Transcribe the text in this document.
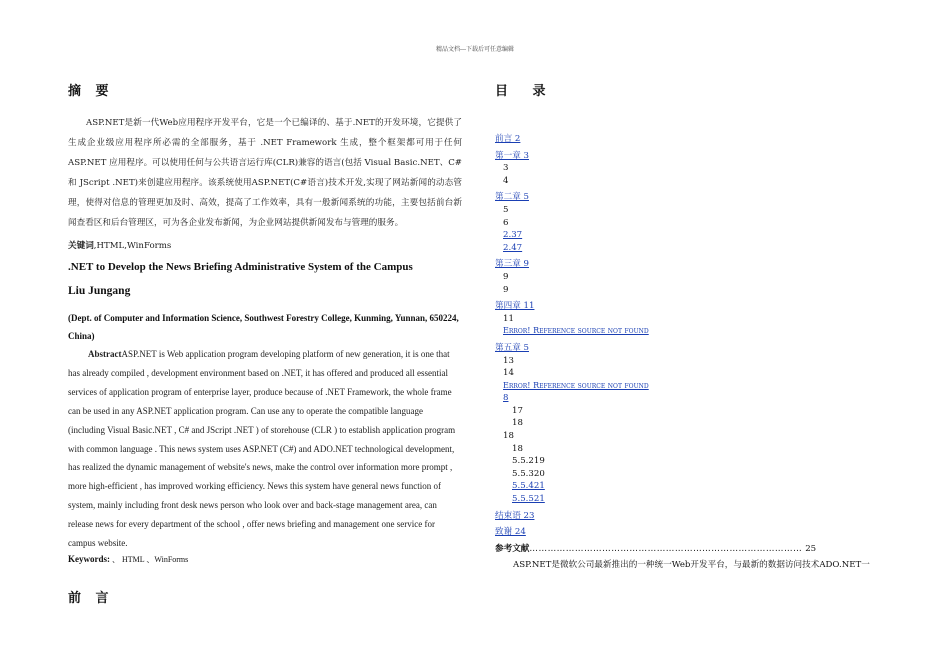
精品文档---下载后可任意编辑
摘 要
ASP.NET是新一代Web应用程序开发平台，它是一个已编译的、基于.NET的开发环境，它提供了生成企业级应用程序所必需的全部服务，基于 .NET Framework 生成，整个框架都可用于任何 ASP.NET 应用程序。可以使用任何与公共语言运行库(CLR)兼容的语言(包括 Visual Basic.NET、C# 和 JScript .NET)来创建应用程序。该系统使用ASP.NET(C#语言)技术开发,实现了网站新闻的动态管理，使得对信息的管理更加及时、高效，提高了工作效率，具有一般新闻系统的功能，主要包括前台新闻查看区和后台管理区，可为各企业发布新闻，为企业网站提供新闻发布与管理的服务。
关键词,HTML,WinForms
.NET to Develop the News Briefing Administrative System of the Campus
Liu Jungang
(Dept. of Computer and Information Science, Southwest Forestry College, Kunming, Yunnan, 650224, China)
AbstractASP.NET is Web application program developing platform of new generation, it is one that has already compiled , development environment based on .NET, it has offered and produced all essential services of application program of enterprise layer, produce because of .NET Framework, the whole frame can be used in any ASP.NET application program. Can use any to operate the compatible language (including Visual Basic.NET , C# and JScript .NET ) of storehouse (CLR ) to establish application program with common language . This news system uses ASP.NET (C#) and ADO.NET technological development, has realized the dynamic management of website's news, make the control over information more prompt , more high-efficient , has improved working efficiency. News this system have general news function of system, mainly including front desk news person who look over and back-stage management area, can release news for every department of the school , offer news briefing and management one service for campus website.
Keywords: 、 HTML 、WinForms
前 言
目 录
前言 2
第一章 3
3
4
第二章 5
5
6
2.37
2.47
第三章 9
9
9
第四章 11
11
Error! Reference source not found
第五章 5
13
14
Error! Reference source not found
8
17
18
18
18
5.5.219
5.5.320
5.5.421
5.5.521
结束语 23
致谢 24
参考文献……………………………………………………………………………… 25
ASP.NET是微软公司最新推出的一种统一Web开发平台，与最新的数据访问技术ADO.NET一
